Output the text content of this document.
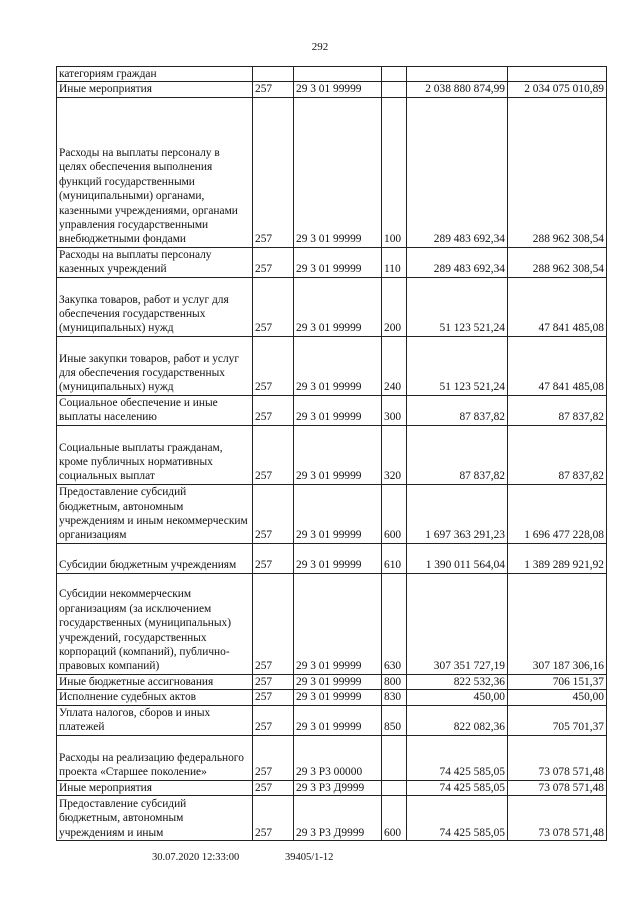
292
категориям граждан					
Иные мероприятия	257	29 3 01 99999		2 038 880 874,99	2 034 075 010,89
Расходы на выплаты персоналу в целях обеспечения выполнения функций государственными (муниципальными) органами, казенными учреждениями, органами управления государственными внебюджетными фондами	257	29 3 01 99999	100	289 483 692,34	288 962 308,54
Расходы на выплаты персоналу казенных учреждений	257	29 3 01 99999	110	289 483 692,34	288 962 308,54
Закупка товаров, работ и услуг для обеспечения государственных (муниципальных) нужд	257	29 3 01 99999	200	51 123 521,24	47 841 485,08
Иные закупки товаров, работ и услуг для обеспечения государственных (муниципальных) нужд	257	29 3 01 99999	240	51 123 521,24	47 841 485,08
Социальное обеспечение и иные выплаты населению	257	29 3 01 99999	300	87 837,82	87 837,82
Социальные выплаты гражданам, кроме публичных нормативных социальных выплат	257	29 3 01 99999	320	87 837,82	87 837,82
Предоставление субсидий бюджетным, автономным учреждениям и иным некоммерческим организациям	257	29 3 01 99999	600	1 697 363 291,23	1 696 477 228,08
Субсидии бюджетным учреждениям	257	29 3 01 99999	610	1 390 011 564,04	1 389 289 921,92
Субсидии некоммерческим организациям (за исключением государственных (муниципальных) учреждений, государственных корпораций (компаний), публично-правовых компаний)	257	29 3 01 99999	630	307 351 727,19	307 187 306,16
Иные бюджетные ассигнования	257	29 3 01 99999	800	822 532,36	706 151,37
Исполнение судебных актов	257	29 3 01 99999	830	450,00	450,00
Уплата налогов, сборов и иных платежей	257	29 3 01 99999	850	822 082,36	705 701,37
Расходы на реализацию федерального проекта «Старшее поколение»	257	29 3 P3 00000		74 425 585,05	73 078 571,48
Иные мероприятия	257	29 3 P3 Д9999		74 425 585,05	73 078 571,48
Предоставление субсидий бюджетным, автономным учреждениям и иным	257	29 3 P3 Д9999	600	74 425 585,05	73 078 571,48
30.07.2020 12:33:00	39405/1-12
